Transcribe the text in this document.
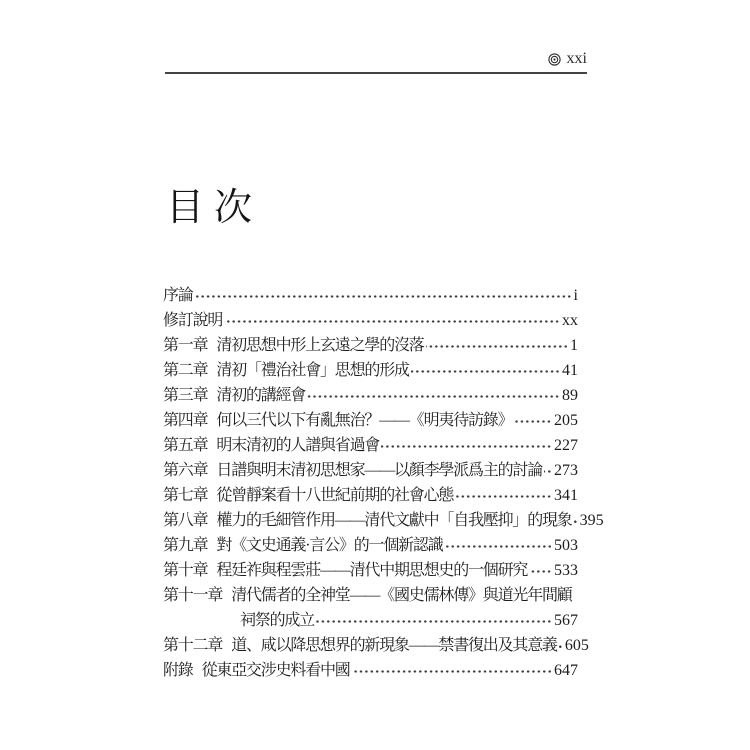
xxi
目次
序論	i
修訂說明	xx
第一章 清初思想中形上玄遠之學的沒落	1
第二章 清初「禮治社會」思想的形成	41
第三章 清初的講經會	89
第四章 何以三代以下有亂無治？——《明夷待訪錄》	205
第五章 明末清初的人譜與省過會	227
第六章 日譜與明末清初思想家——以顏李學派爲主的討論 273
第七章 從曾靜案看十八世紀前期的社會心態	341
第八章 權力的毛細管作用——清代文獻中「自我壓抑」的現象 395
第九章 對《文史通義·言公》的一個新認識	503
第十章 程廷祚與程雲莊——清代中期思想史的一個研究 533
第十一章 清代儒者的全神堂——《國史儒林傳》與道光年間顧
祠祭的成立	567
第十二章 道、咸以降思想界的新現象——禁書復出及其意義 605
附錄 從東亞交涉史料看中國	647
